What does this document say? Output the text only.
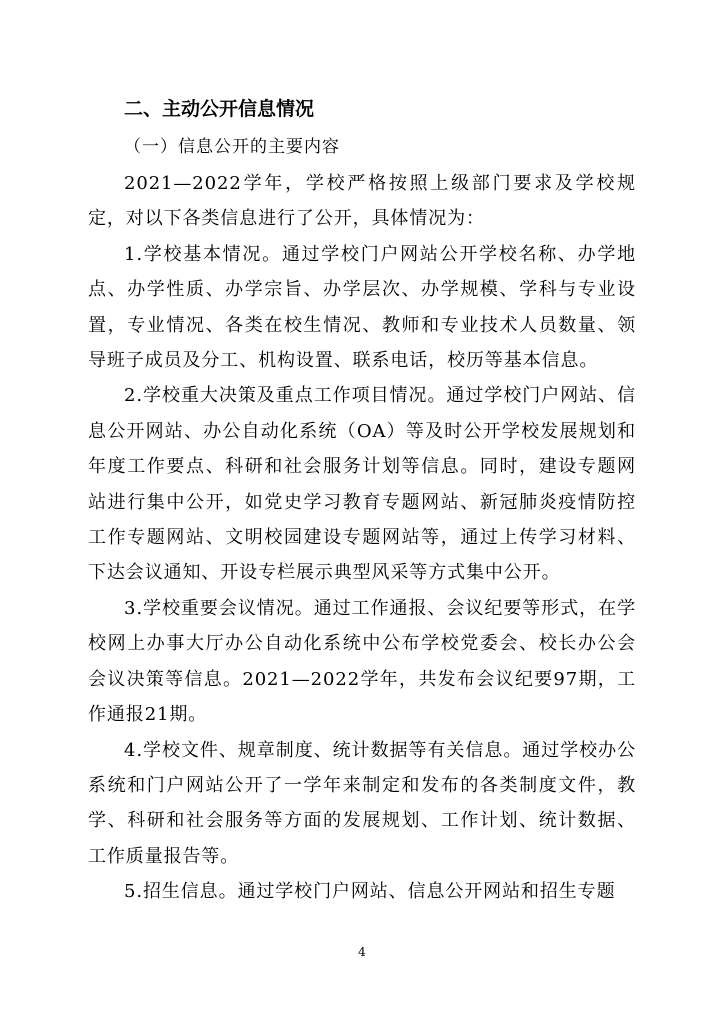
二、主动公开信息情况
（一）信息公开的主要内容

2021—2022学年，学校严格按照上级部门要求及学校规定，对以下各类信息进行了公开，具体情况为：

1.学校基本情况。通过学校门户网站公开学校名称、办学地点、办学性质、办学宗旨、办学层次、办学规模、学科与专业设置，专业情况、各类在校生情况、教师和专业技术人员数量、领导班子成员及分工、机构设置、联系电话，校历等基本信息。

2.学校重大决策及重点工作项目情况。通过学校门户网站、信息公开网站、办公自动化系统（OA）等及时公开学校发展规划和年度工作要点、科研和社会服务计划等信息。同时，建设专题网站进行集中公开，如党史学习教育专题网站、新冠肺炎疫情防控工作专题网站、文明校园建设专题网站等，通过上传学习材料、下达会议通知、开设专栏展示典型风采等方式集中公开。

3.学校重要会议情况。通过工作通报、会议纪要等形式，在学校网上办事大厅办公自动化系统中公布学校党委会、校长办公会会议决策等信息。2021—2022学年，共发布会议纪要97期，工作通报21期。

4.学校文件、规章制度、统计数据等有关信息。通过学校办公系统和门户网站公开了一学年来制定和发布的各类制度文件，教学、科研和社会服务等方面的发展规划、工作计划、统计数据、工作质量报告等。

5.招生信息。通过学校门户网站、信息公开网站和招生专题

4
